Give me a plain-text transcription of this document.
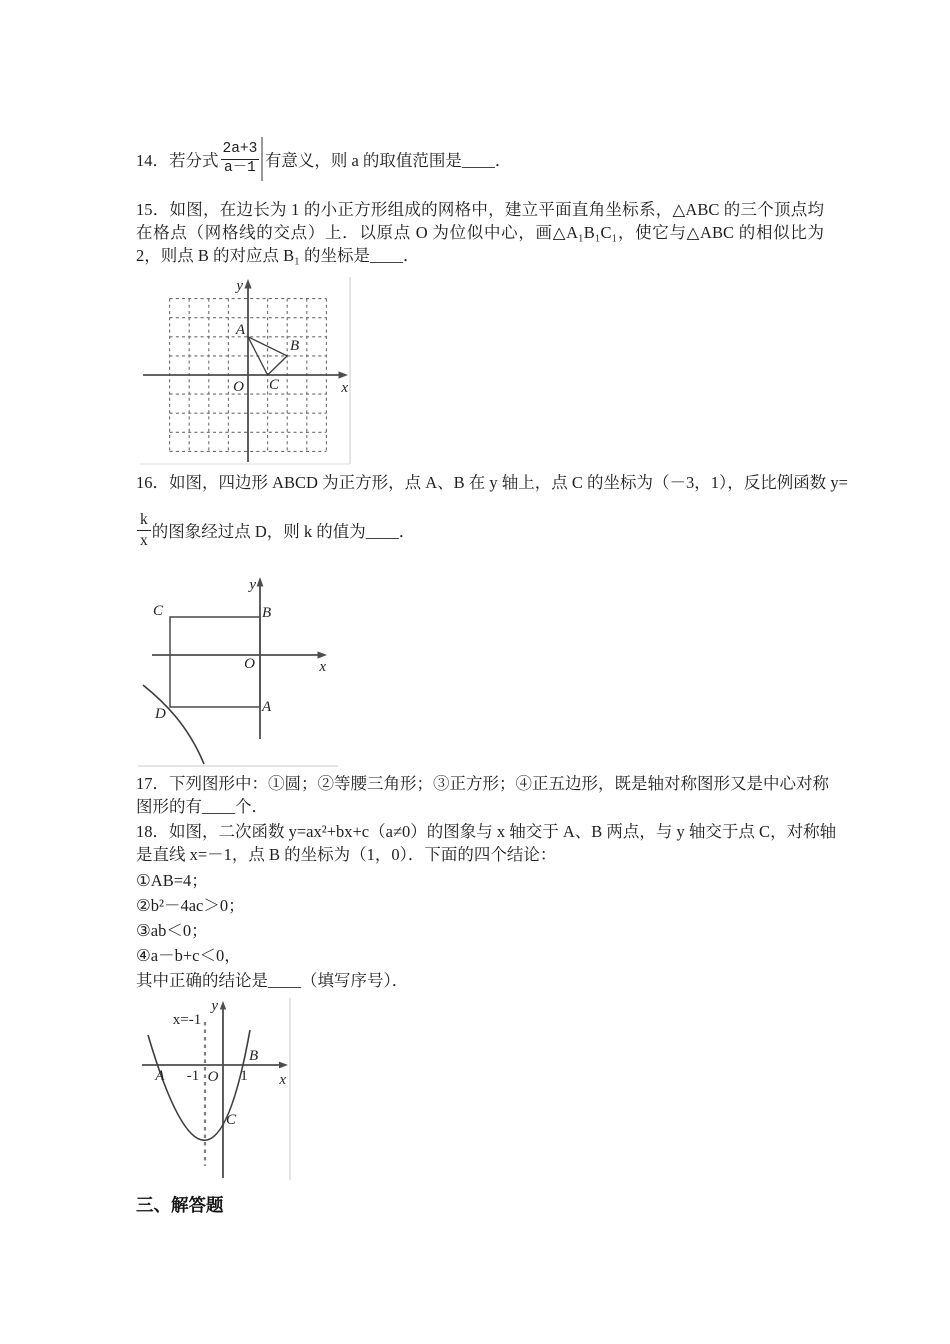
14．若分式 $\frac{2a+3}{a-1}$ 有意义，则 a 的取值范围是____．
15．如图，在边长为 1 的小正方形组成的网格中，建立平面直角坐标系，△ABC 的三个顶点均
在格点（网格线的交点）上．以原点 O 为位似中心，画△A₁B₁C₁，使它与△ABC 的相似比为
2，则点 B 的对应点 B₁ 的坐标是____．
y
x
O
A
B
C
16．如图，四边形 ABCD 为正方形，点 A、B 在 y 轴上，点 C 的坐标为（－3，1），反比例函数 y=
$\frac{k}{x}$ 的图象经过点 D，则 k 的值为____．
y
x
O
C	B
A
D
17．下列图形中：①圆；②等腰三角形；③正方形；④正五边形，既是轴对称图形又是中心对称
图形的有____个．
18．如图，二次函数 y=ax²+bx+c（a≠0）的图象与 x 轴交于 A、B 两点，与 y 轴交于点 C，对称轴
是直线 x=－1，点 B 的坐标为（1，0）．下面的四个结论：
①AB=4；
②b²－4ac＞0；
③ab＜0；
④a－b+c＜0，
其中正确的结论是____（填写序号）．
x=-1
y
x
A -1 O 1
B
C
三、解答题
